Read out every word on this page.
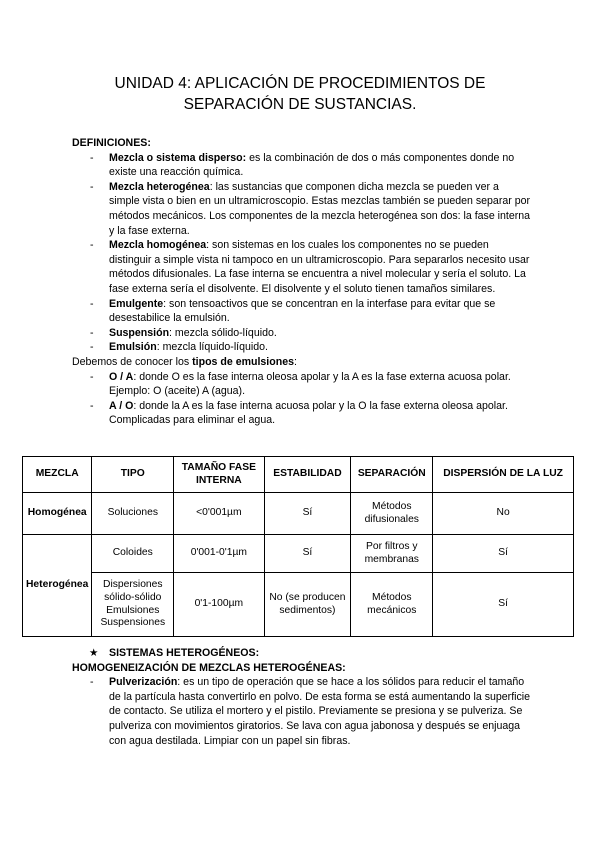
UNIDAD 4: APLICACIÓN DE PROCEDIMIENTOS DE
SEPARACIÓN DE SUSTANCIAS.
DEFINICIONES:
- Mezcla o sistema disperso: es la combinación de dos o más componentes donde no existe una reacción química.
- Mezcla heterogénea: las sustancias que componen dicha mezcla se pueden ver a simple vista o bien en un ultramicroscopio. Estas mezclas también se pueden separar por métodos mecánicos. Los componentes de la mezcla heterogénea son dos: la fase interna y la fase externa.
- Mezcla homogénea: son sistemas en los cuales los componentes no se pueden distinguir a simple vista ni tampoco en un ultramicroscopio. Para separarlos necesito usar métodos difusionales. La fase interna se encuentra a nivel molecular y sería el soluto. La fase externa sería el disolvente. El disolvente y el soluto tienen tamaños similares.
- Emulgente: son tensoactivos que se concentran en la interfase para evitar que se desestabilice la emulsión.
- Suspensión: mezcla sólido-líquido.
- Emulsión: mezcla líquido-líquido.
Debemos de conocer los tipos de emulsiones:
- O / A: donde O es la fase interna oleosa apolar y la A es la fase externa acuosa polar. Ejemplo: O (aceite) A (agua).
- A / O: donde la A es la fase interna acuosa polar y la O la fase externa oleosa apolar. Complicadas para eliminar el agua.
MEZCLA	TIPO	TAMAÑO FASE INTERNA	ESTABILIDAD	SEPARACIÓN	DISPERSIÓN DE LA LUZ
Homogénea	Soluciones	<0'001µm	Sí	Métodos difusionales	No
Heterogénea	Coloides	0'001-0'1µm	Sí	Por filtros y membranas	Sí
	Dispersiones sólido-sólido Emulsiones Suspensiones	0'1-100µm	No (se producen sedimentos)	Métodos mecánicos	Sí
★ SISTEMAS HETEROGÉNEOS:
HOMOGENEIZACIÓN DE MEZCLAS HETEROGÉNEAS:
- Pulverización: es un tipo de operación que se hace a los sólidos para reducir el tamaño de la partícula hasta convertirlo en polvo. De esta forma se está aumentando la superficie de contacto. Se utiliza el mortero y el pistilo. Previamente se presiona y se pulveriza. Se pulveriza con movimientos giratorios. Se lava con agua jabonosa y después se enjuaga con agua destilada. Limpiar con un papel sin fibras.
